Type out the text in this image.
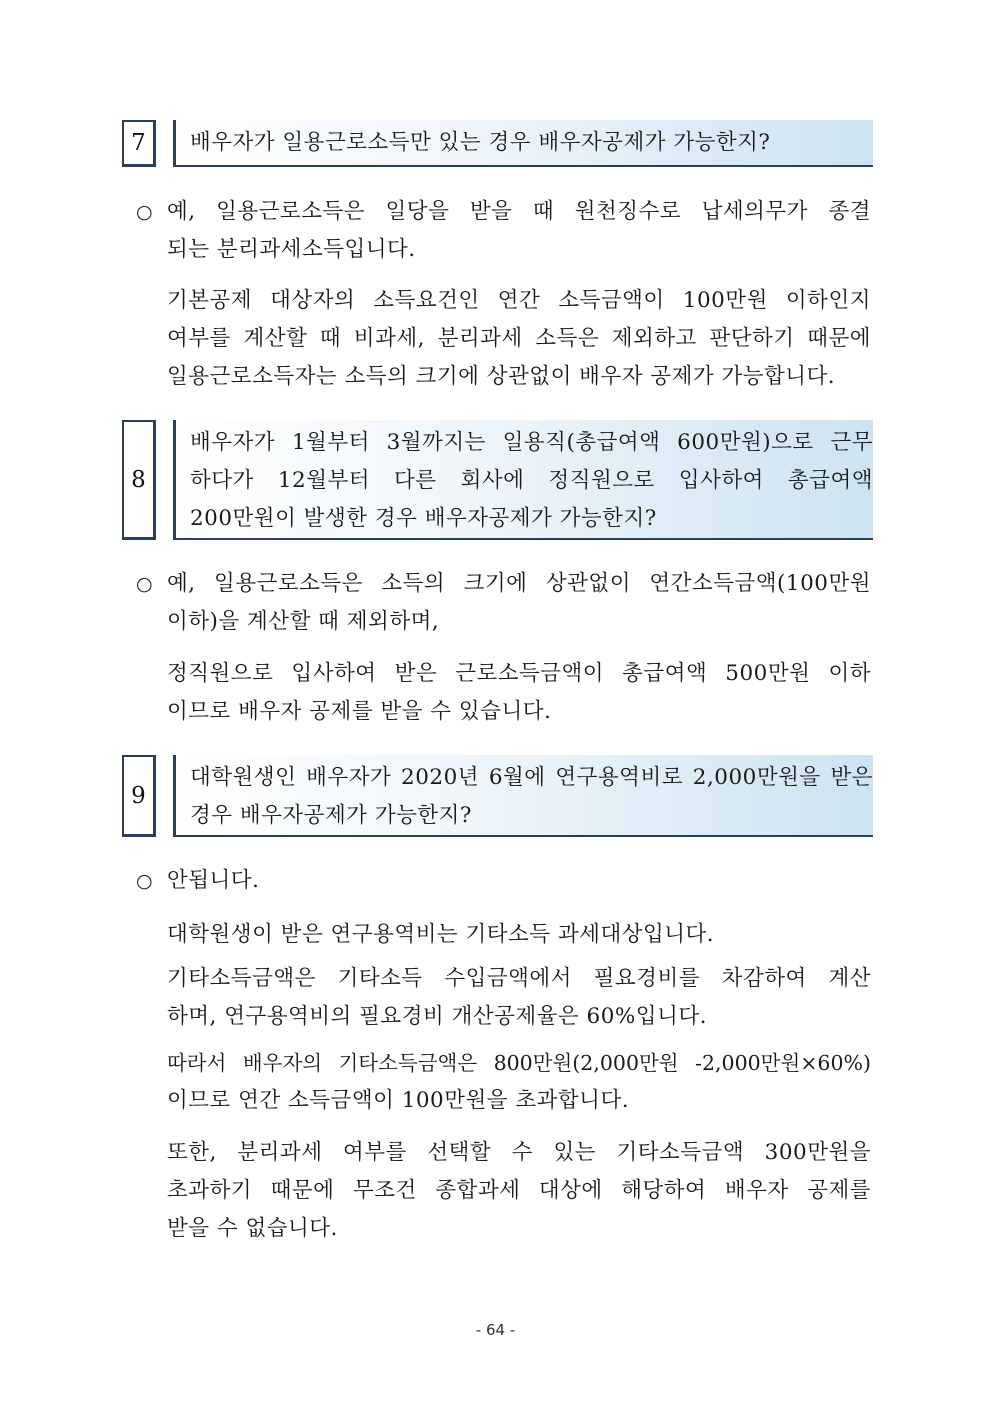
7	배우자가 일용근로소득만 있는 경우 배우자공제가 가능한지?
○ 예, 일용근로소득은 일당을 받을 때 원천징수로 납세의무가 종결
되는 분리과세소득입니다.
기본공제 대상자의 소득요건인 연간 소득금액이 100만원 이하인지
여부를 계산할 때 비과세, 분리과세 소득은 제외하고 판단하기 때문에
일용근로소득자는 소득의 크기에 상관없이 배우자 공제가 가능합니다.
8
배우자가 1월부터 3월까지는 일용직(총급여액 600만원)으로 근무
하다가 12월부터 다른 회사에 정직원으로 입사하여 총급여액
200만원이 발생한 경우 배우자공제가 가능한지?
○ 예, 일용근로소득은 소득의 크기에 상관없이 연간소득금액(100만원
이하)을 계산할 때 제외하며,
정직원으로 입사하여 받은 근로소득금액이 총급여액 500만원 이하
이므로 배우자 공제를 받을 수 있습니다.
9
대학원생인 배우자가 2020년 6월에 연구용역비로 2,000만원을 받은
경우 배우자공제가 가능한지?
○ 안됩니다.
대학원생이 받은 연구용역비는 기타소득 과세대상입니다.
기타소득금액은 기타소득 수입금액에서 필요경비를 차감하여 계산
하며, 연구용역비의 필요경비 개산공제율은 60%입니다.
따라서 배우자의 기타소득금액은 800만원(2,000만원 -2,000만원×60%)
이므로 연간 소득금액이 100만원을 초과합니다.
또한, 분리과세 여부를 선택할 수 있는 기타소득금액 300만원을
초과하기 때문에 무조건 종합과세 대상에 해당하여 배우자 공제를
받을 수 없습니다.
- 64 -
